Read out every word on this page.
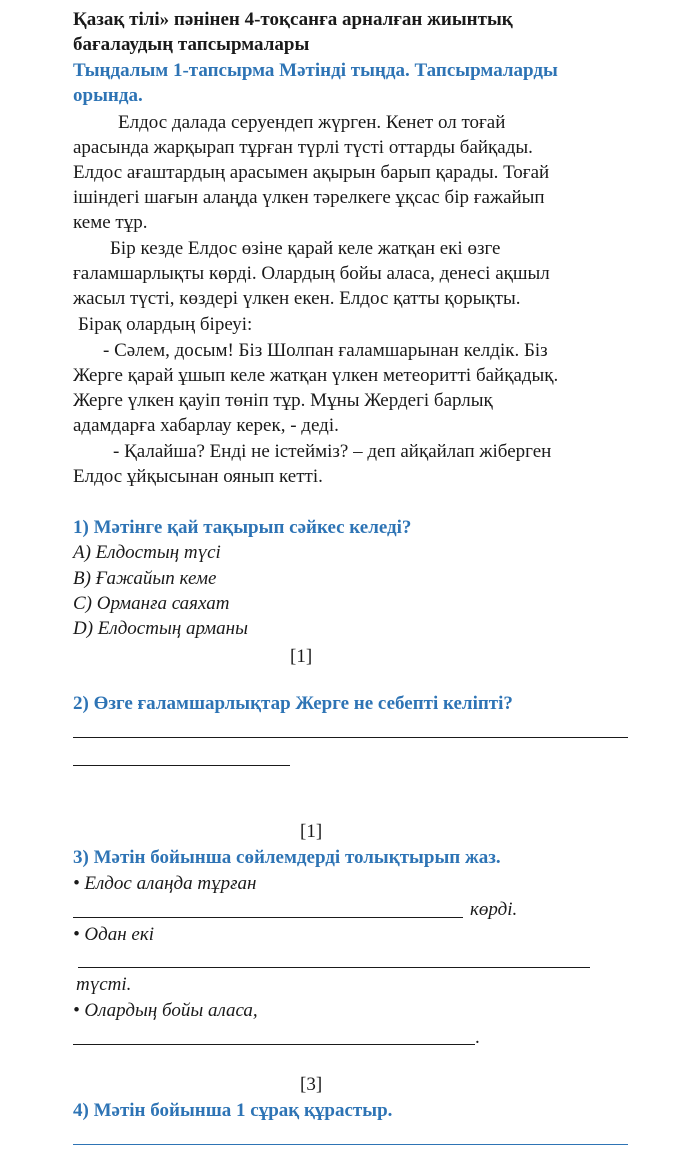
Қазақ тілі» пәнінен 4-тоқсанға арналған жиынтық
бағалаудың тапсырмалары
Тыңдалым 1-тапсырма Мәтінді тыңда. Тапсырмаларды
орында.
Елдос далада серуендеп жүрген. Кенет ол тоғай
арасында жарқырап тұрған түрлі түсті оттарды байқады.
Елдос ағаштардың арасымен ақырын барып қарады. Тоғай
ішіндегі шағын алаңда үлкен тәрелкеге ұқсас бір ғажайып
кеме тұр.
Бір кезде Елдос өзіне қарай келе жатқан екі өзге
ғаламшарлықты көрді. Олардың бойы аласа, денесі ақшыл
жасыл түсті, көздері үлкен екен. Елдос қатты қорықты.
Бірақ олардың біреуі:
- Сәлем, досым! Біз Шолпан ғаламшарынан келдік. Біз
Жерге қарай ұшып келе жатқан үлкен метеоритті байқадық.
Жерге үлкен қауіп төніп тұр. Мұны Жердегі барлық
адамдарға хабарлау керек, - деді.
- Қалайша? Енді не істейміз? – деп айқайлап жіберген
Елдос ұйқысынан оянып кетті.
1) Мәтінге қай тақырып сәйкес келеді?
A) Елдостың түсі
B) Ғажайып кеме
C) Орманға саяхат
D) Елдостың арманы
[1]
2) Өзге ғаламшарлықтар Жерге не себепті келіпті?
[1]
3) Мәтін бойынша сөйлемдерді толықтырып жаз.
• Елдос алаңда тұрған
көрді.
• Одан екі
түсті.
• Олардың бойы аласа,
.
[3]
4) Мәтін бойынша 1 сұрақ құрастыр.
